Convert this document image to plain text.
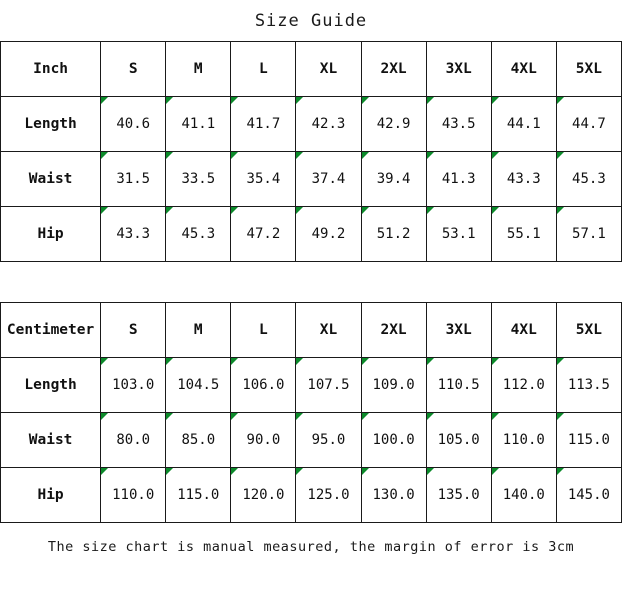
Size Guide
Inch	S	M	L	XL	2XL	3XL	4XL	5XL
Length	40.6	41.1	41.7	42.3	42.9	43.5	44.1	44.7
Waist	31.5	33.5	35.4	37.4	39.4	41.3	43.3	45.3
Hip	43.3	45.3	47.2	49.2	51.2	53.1	55.1	57.1
Centimeter	S	M	L	XL	2XL	3XL	4XL	5XL
Length	103.0	104.5	106.0	107.5	109.0	110.5	112.0	113.5
Waist	80.0	85.0	90.0	95.0	100.0	105.0	110.0	115.0
Hip	110.0	115.0	120.0	125.0	130.0	135.0	140.0	145.0
The size chart is manual measured, the margin of error is 3cm
